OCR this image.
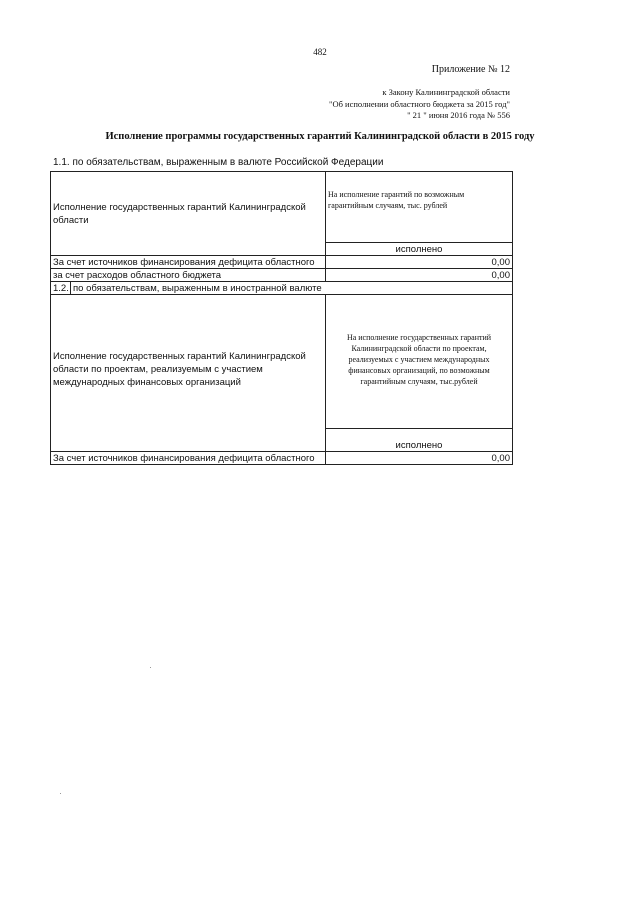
482
Приложение № 12
к Закону Калининградской области
"Об исполнении областного бюджета за 2015 год"
" 21 " июня 2016 года № 556
Исполнение программы государственных гарантий Калининградской области в 2015 году
1.1. по обязательствам, выраженным в валюте Российской Федерации
Исполнение государственных гарантий Калининградской области		На исполнение гарантий по возможным гарантийным случаям, тыс. рублей
		исполнено
За счет источников финансирования дефицита областного		0,00
за счет расходов областного бюджета		0,00
1.2.	по обязательствам, выраженным в иностранной валюте	
Исполнение государственных гарантий Калининградской области по проектам, реализуемым с участием международных финансовых организаций		На исполнение государственных гарантий Калининградской области по проектам, реализуемых с участием международных финансовых организаций, по возможным гарантийным случаям, тыс.рублей
		исполнено
За счет источников финансирования дефицита областного		0,00
